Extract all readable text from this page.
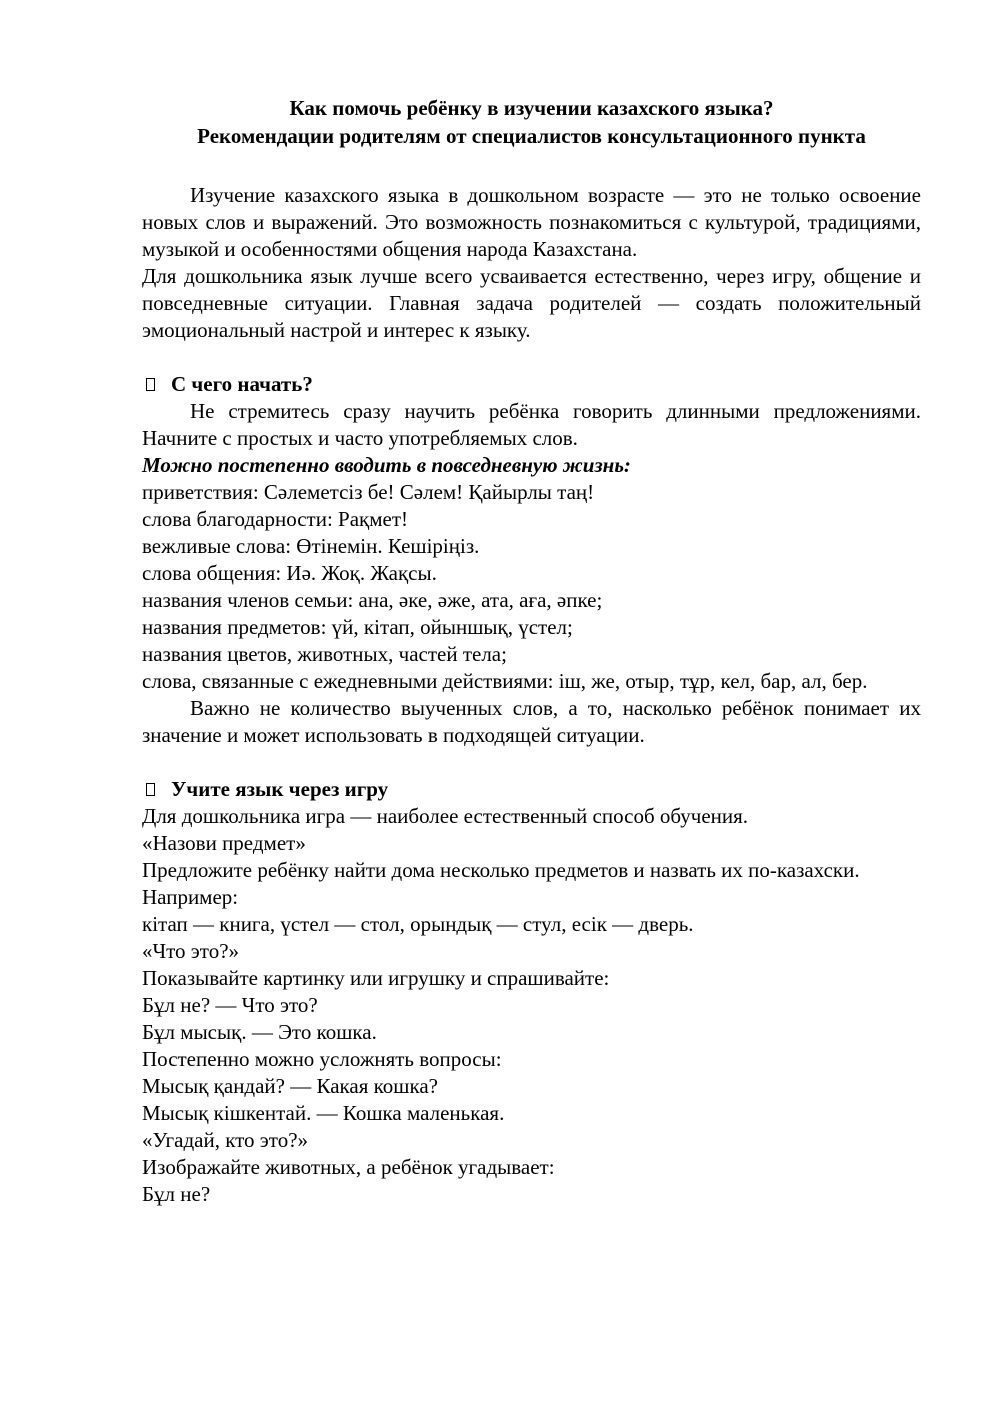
Как помочь ребёнку в изучении казахского языка?
Рекомендации родителям от специалистов консультационного пункта

Изучение казахского языка в дошкольном возрасте — это не только освоение новых слов и выражений. Это возможность познакомиться с культурой, традициями, музыкой и особенностями общения народа Казахстана.

Для дошкольника язык лучше всего усваивается естественно, через игру, общение и повседневные ситуации. Главная задача родителей — создать положительный эмоциональный настрой и интерес к языку.

С чего начать?

Не стремитесь сразу научить ребёнка говорить длинными предложениями. Начните с простых и часто употребляемых слов.

Можно постепенно вводить в повседневную жизнь:
приветствия: Сәлеметсіз бе! Сәлем! Қайырлы таң!
слова благодарности: Рақмет!
вежливые слова: Өтінемін. Кешіріңіз.
слова общения: Иә. Жоқ. Жақсы.
названия членов семьи: ана, әке, әже, ата, аға, әпке;
названия предметов: үй, кітап, ойыншық, үстел;
названия цветов, животных, частей тела;

слова, связанные с ежедневными действиями: іш, же, отыр, тұр, кел, бар, ал, бер.

Важно не количество выученных слов, а то, насколько ребёнок понимает их значение и может использовать в подходящей ситуации.

Учите язык через игру
Для дошкольника игра — наиболее естественный способ обучения.
«Назови предмет»

Предложите ребёнку найти дома несколько предметов и назвать их по-казахски.

Например:
кітап — книга, үстел — стол, орындық — стул, есік — дверь.
«Что это?»
Показывайте картинку или игрушку и спрашивайте:
Бұл не? — Что это?
Бұл мысық. — Это кошка.
Постепенно можно усложнять вопросы:
Мысық қандай? — Какая кошка?
Мысық кішкентай. — Кошка маленькая.
«Угадай, кто это?»
Изображайте животных, а ребёнок угадывает:
Бұл не?
